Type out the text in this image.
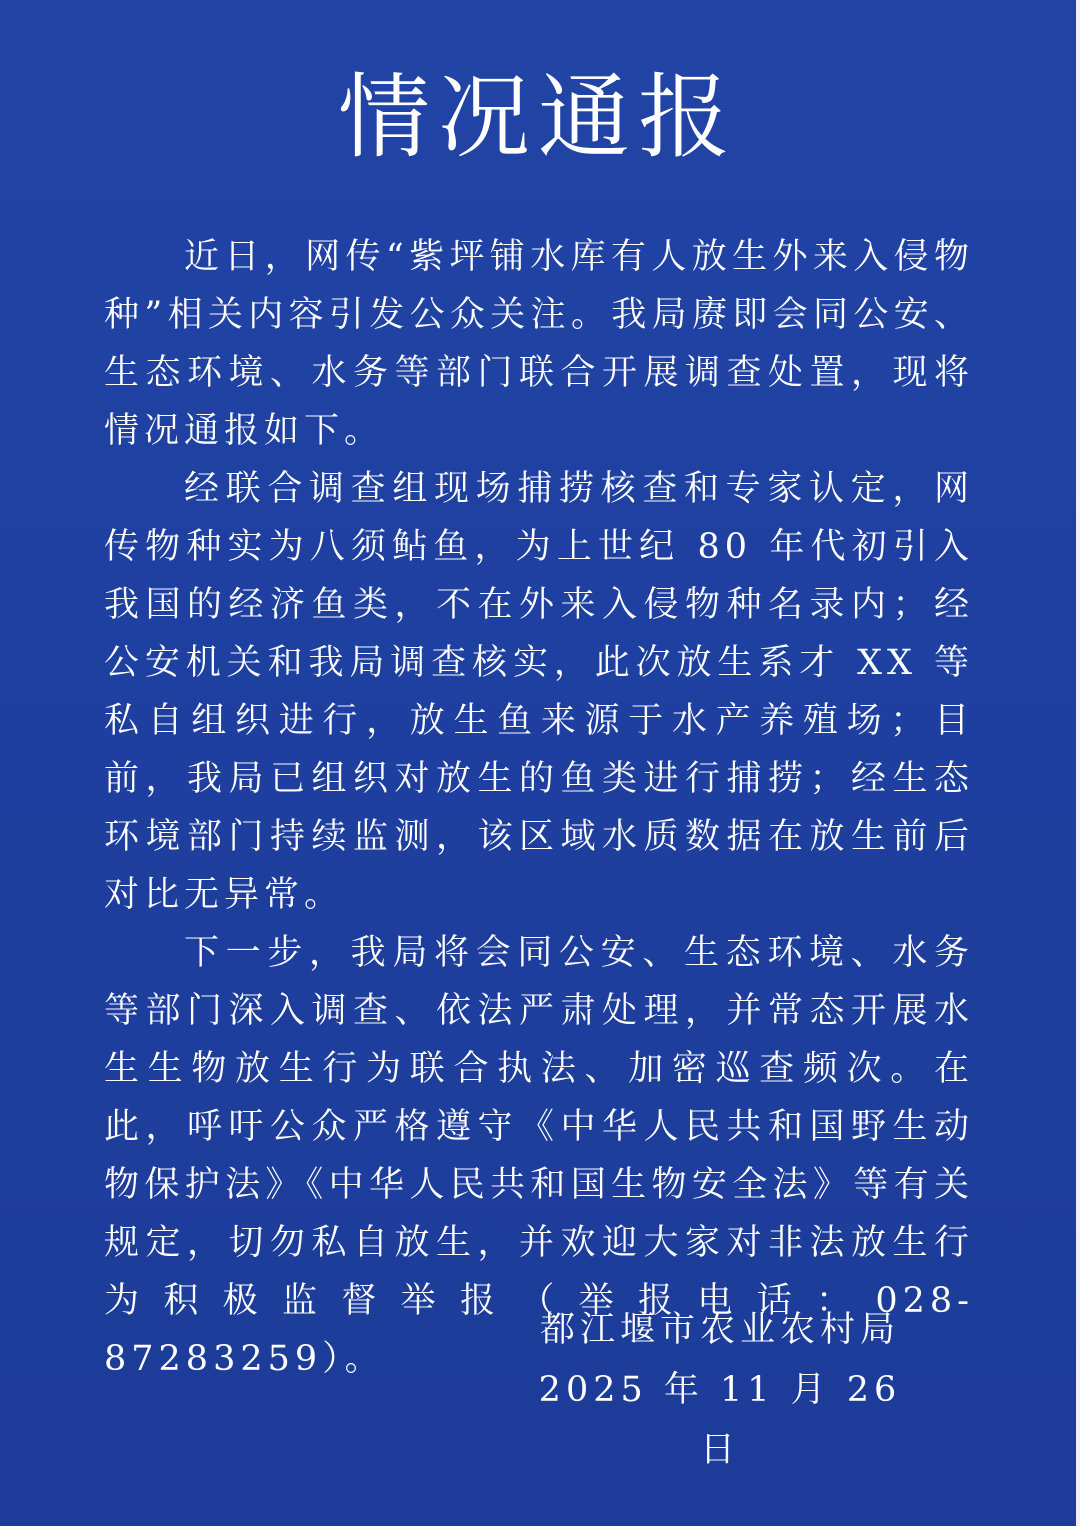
情况通报

近日，网传“紫坪铺水库有人放生外来入侵物种”相关内容引发公众关注。我局赓即会同公安、生态环境、水务等部门联合开展调查处置，现将情况通报如下。

经联合调查组现场捕捞核查和专家认定，网传物种实为八须鲇鱼，为上世纪 80 年代初引入我国的经济鱼类，不在外来入侵物种名录内；经公安机关和我局调查核实，此次放生系才 XX 等私自组织进行，放生鱼来源于水产养殖场；目前，我局已组织对放生的鱼类进行捕捞；经生态环境部门持续监测，该区域水质数据在放生前后对比无异常。

下一步，我局将会同公安、生态环境、水务等部门深入调查、依法严肃处理，并常态开展水生生物放生行为联合执法、加密巡查频次。在此，呼吁公众严格遵守《中华人民共和国野生动物保护法》《中华人民共和国生物安全法》等有关规定，切勿私自放生，并欢迎大家对非法放生行为积极监督举报（举报电话：028-87283259）。

都江堰市农业农村局
2025 年 11 月 26 日
